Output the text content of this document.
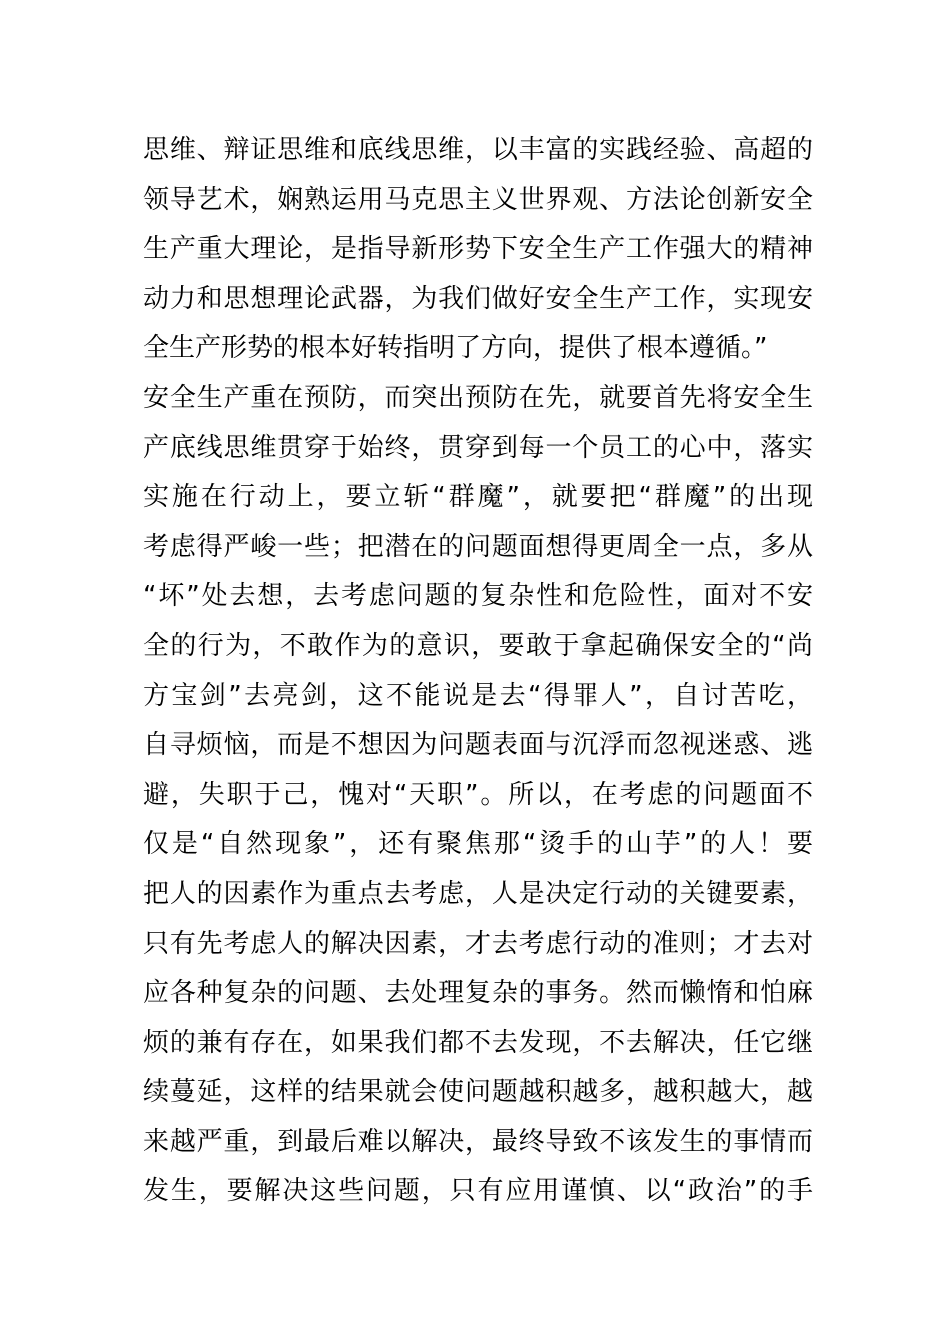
思维、辩证思维和底线思维，以丰富的实践经验、高超的
领导艺术，娴熟运用马克思主义世界观、方法论创新安全
生产重大理论，是指导新形势下安全生产工作强大的精神
动力和思想理论武器，为我们做好安全生产工作，实现安
全生产形势的根本好转指明了方向，提供了根本遵循。”
安全生产重在预防，而突出预防在先，就要首先将安全生
产底线思维贯穿于始终，贯穿到每一个员工的心中，落实
实施在行动上，要立斩“群魔”，就要把“群魔”的出现
考虑得严峻一些；把潜在的问题面想得更周全一点，多从
“坏”处去想，去考虑问题的复杂性和危险性，面对不安
全的行为，不敢作为的意识，要敢于拿起确保安全的“尚
方宝剑”去亮剑，这不能说是去“得罪人”，自讨苦吃，
自寻烦恼，而是不想因为问题表面与沉浮而忽视迷惑、逃
避，失职于己，愧对“天职”。所以，在考虑的问题面不
仅是“自然现象”，还有聚焦那“烫手的山芋”的人！要
把人的因素作为重点去考虑，人是决定行动的关键要素，
只有先考虑人的解决因素，才去考虑行动的准则；才去对
应各种复杂的问题、去处理复杂的事务。然而懒惰和怕麻
烦的兼有存在，如果我们都不去发现，不去解决，任它继
续蔓延，这样的结果就会使问题越积越多，越积越大，越
来越严重，到最后难以解决，最终导致不该发生的事情而
发生，要解决这些问题，只有应用谨慎、以“政治”的手
